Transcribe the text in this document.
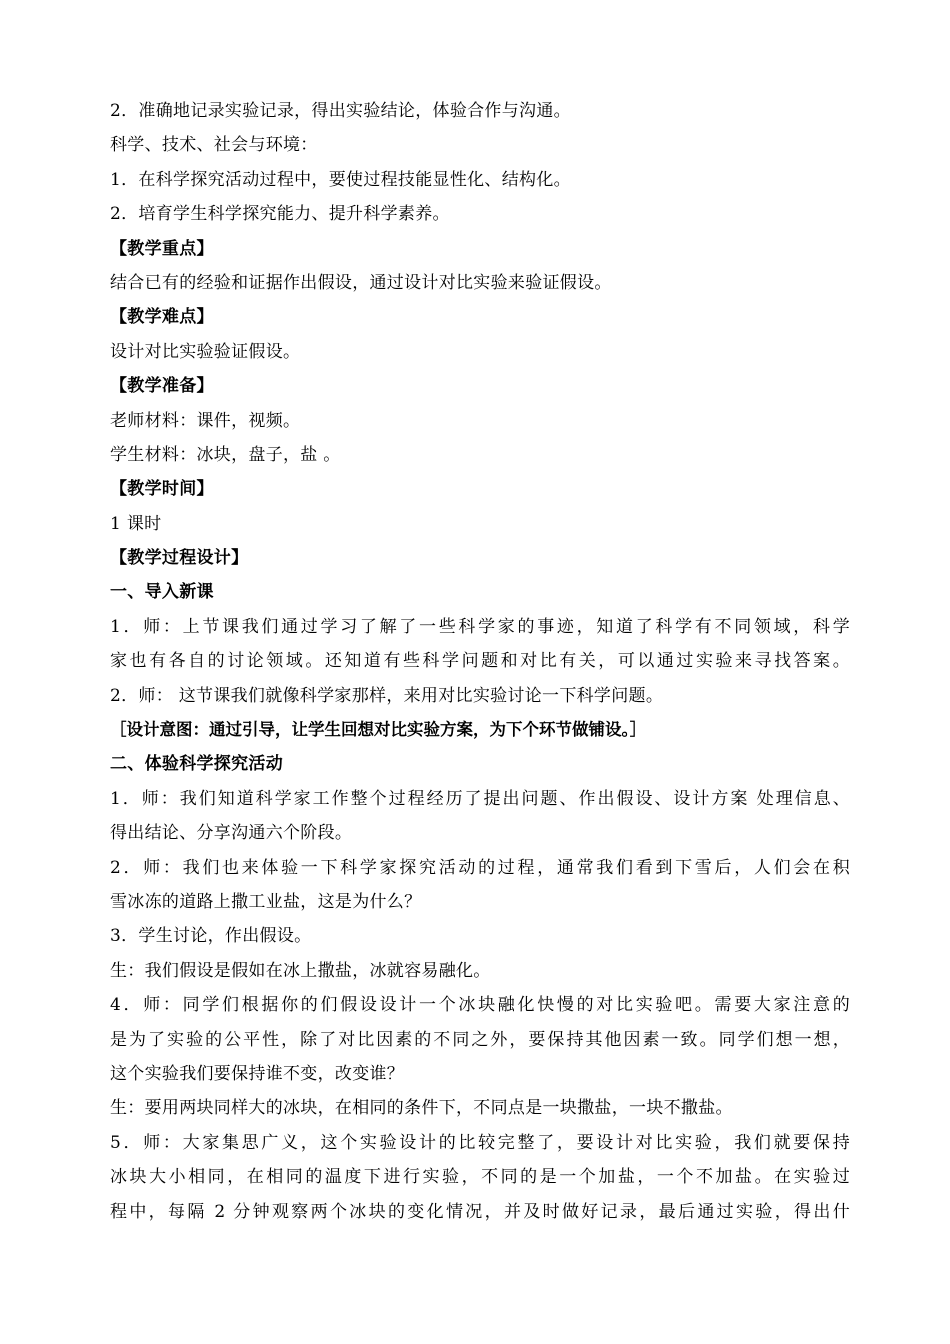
2．准确地记录实验记录，得出实验结论，体验合作与沟通。
科学、技术、社会与环境：
1．在科学探究活动过程中，要使过程技能显性化、结构化。
2．培育学生科学探究能力、提升科学素养。
【教学重点】
结合已有的经验和证据作出假设，通过设计对比实验来验证假设。
【教学难点】
设计对比实验验证假设。
【教学准备】
老师材料：课件，视频。
学生材料：冰块，盘子，盐 。
【教学时间】
1 课时
【教学过程设计】
一、导入新课
1．师：上节课我们通过学习了解了一些科学家的事迹，知道了科学有不同领域，科学
家也有各自的讨论领域。还知道有些科学问题和对比有关，可以通过实验来寻找答案。
2．师： 这节课我们就像科学家那样，来用对比实验讨论一下科学问题。
［设计意图：通过引导，让学生回想对比实验方案，为下个环节做铺设。］
二、体验科学探究活动
1．师：我们知道科学家工作整个过程经历了提出问题、作出假设、设计方案 处理信息、
得出结论、分享沟通六个阶段。
2．师：我们也来体验一下科学家探究活动的过程，通常我们看到下雪后，人们会在积
雪冰冻的道路上撒工业盐，这是为什么？
3．学生讨论，作出假设。
生：我们假设是假如在冰上撒盐，冰就容易融化。
4．师：同学们根据你的们假设设计一个冰块融化快慢的对比实验吧。需要大家注意的
是为了实验的公平性，除了对比因素的不同之外，要保持其他因素一致。同学们想一想，
这个实验我们要保持谁不变，改变谁？
生：要用两块同样大的冰块，在相同的条件下，不同点是一块撒盐，一块不撒盐。
5．师：大家集思广义，这个实验设计的比较完整了，要设计对比实验，我们就要保持
冰块大小相同，在相同的温度下进行实验，不同的是一个加盐，一个不加盐。在实验过
程中，每隔 2 分钟观察两个冰块的变化情况，并及时做好记录，最后通过实验，得出什
